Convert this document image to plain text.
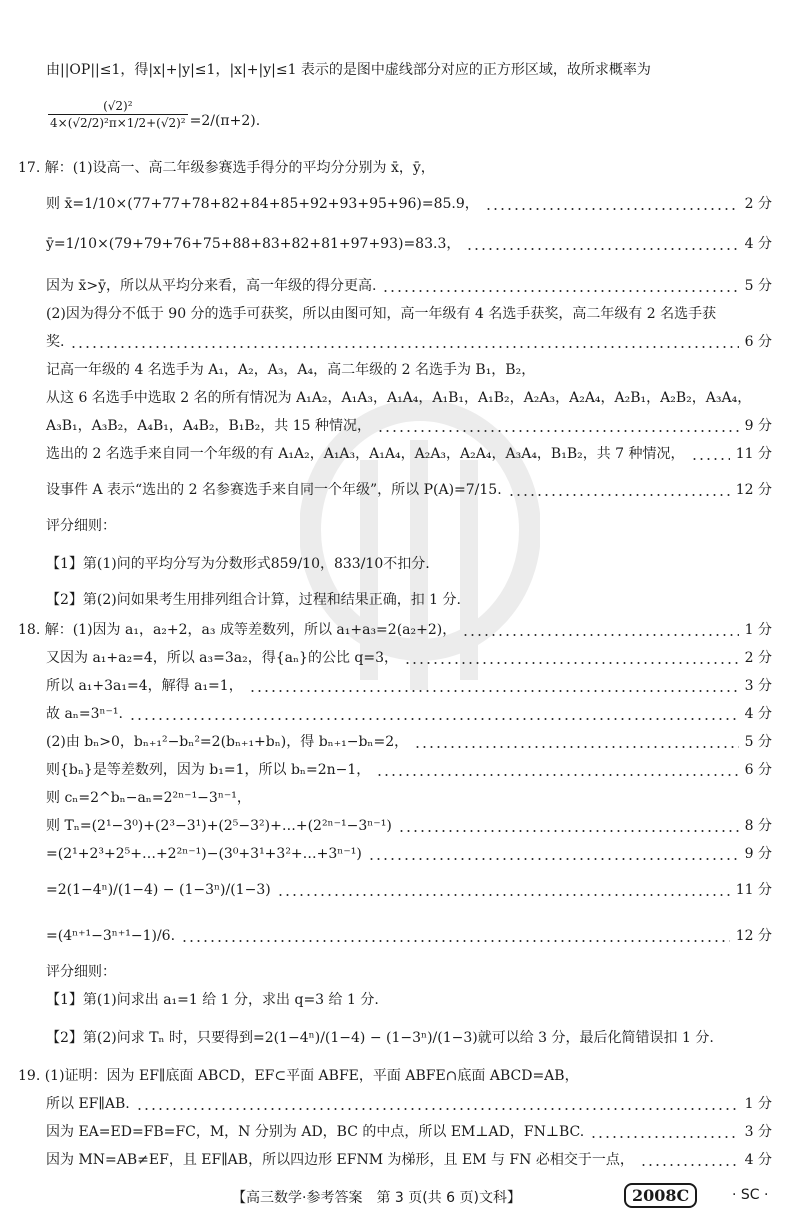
由||OP||≤1，得|x|+|y|≤1，|x|+|y|≤1 表示的是图中虚线部分对应的正方形区域，故所求概率为
$\frac{\text{(√2)²}}{\text{4×(√2/2)²π×1/2+(√2)²}} =2/(\pi+2)$.
17. 解：(1)设高一、高二年级参赛选手得分的平均分分别为 x̄，ȳ，
则 x̄=1/10×(77+77+78+82+84+85+92+93+95+96)=85.9，	2 分
ȳ=1/10×(79+79+76+75+88+83+82+81+97+93)=83.3，	4 分
因为 x̄>ȳ，所以从平均分来看，高一年级的得分更高.	5 分
(2)因为得分不低于 90 分的选手可获奖，所以由图可知，高一年级有 4 名选手获奖，高二年级有 2 名选手获
奖.	6 分
记高一年级的 4 名选手为 A₁，A₂，A₃，A₄，高二年级的 2 名选手为 B₁，B₂，
从这 6 名选手中选取 2 名的所有情况为 A₁A₂，A₁A₃，A₁A₄，A₁B₁，A₁B₂，A₂A₃，A₂A₄，A₂B₁，A₂B₂，A₃A₄，
A₃B₁，A₃B₂，A₄B₁，A₄B₂，B₁B₂，共 15 种情况，	9 分
选出的 2 名选手来自同一个年级的有 A₁A₂，A₁A₃，A₁A₄，A₂A₃，A₂A₄，A₃A₄，B₁B₂，共 7 种情况，	11 分
设事件 A 表示“选出的 2 名参赛选手来自同一个年级”，所以 P(A)=7/15.	12 分
评分细则：
【1】第(1)问的平均分写为分数形式859/10，833/10不扣分.
【2】第(2)问如果考生用排列组合计算，过程和结果正确，扣 1 分.
18. 解：(1)因为 a₁，a₂+2，a₃ 成等差数列，所以 a₁+a₃=2(a₂+2)，	1 分
又因为 a₁+a₂=4，所以 a₃=3a₂，得{aₙ}的公比 q=3，	2 分
所以 a₁+3a₁=4，解得 a₁=1，	3 分
故 aₙ=3ⁿ⁻¹.	4 分
(2)由 bₙ>0，bₙ₊₁²−bₙ²=2(bₙ₊₁+bₙ)，得 bₙ₊₁−bₙ=2，	5 分
则{bₙ}是等差数列，因为 b₁=1，所以 bₙ=2n−1，	6 分
则 cₙ=2^bₙ−aₙ=2²ⁿ⁻¹−3ⁿ⁻¹，
则 Tₙ=(2¹−3⁰)+(2³−3¹)+(2⁵−3²)+…+(2²ⁿ⁻¹−3ⁿ⁻¹)	8 分
=(2¹+2³+2⁵+…+2²ⁿ⁻¹)−(3⁰+3¹+3²+…+3ⁿ⁻¹)	9 分
=2(1−4ⁿ)/(1−4) − (1−3ⁿ)/(1−3)	11 分
=(4ⁿ⁺¹−3ⁿ⁺¹−1)/6.	12 分
评分细则：
【1】第(1)问求出 a₁=1 给 1 分，求出 q=3 给 1 分.
【2】第(2)问求 Tₙ 时，只要得到=2(1−4ⁿ)/(1−4) − (1−3ⁿ)/(1−3)就可以给 3 分，最后化简错误扣 1 分.
19. (1)证明：因为 EF∥底面 ABCD，EF⊂平面 ABFE，平面 ABFE∩底面 ABCD=AB，
所以 EF∥AB.	1 分
因为 EA=ED=FB=FC，M，N 分别为 AD，BC 的中点，所以 EM⊥AD，FN⊥BC.	3 分
因为 MN=AB≠EF，且 EF∥AB，所以四边形 EFNM 为梯形，且 EM 与 FN 必相交于一点，	4 分
【高三数学·参考答案　第 3 页(共 6 页)文科】	2008C	· SC ·
